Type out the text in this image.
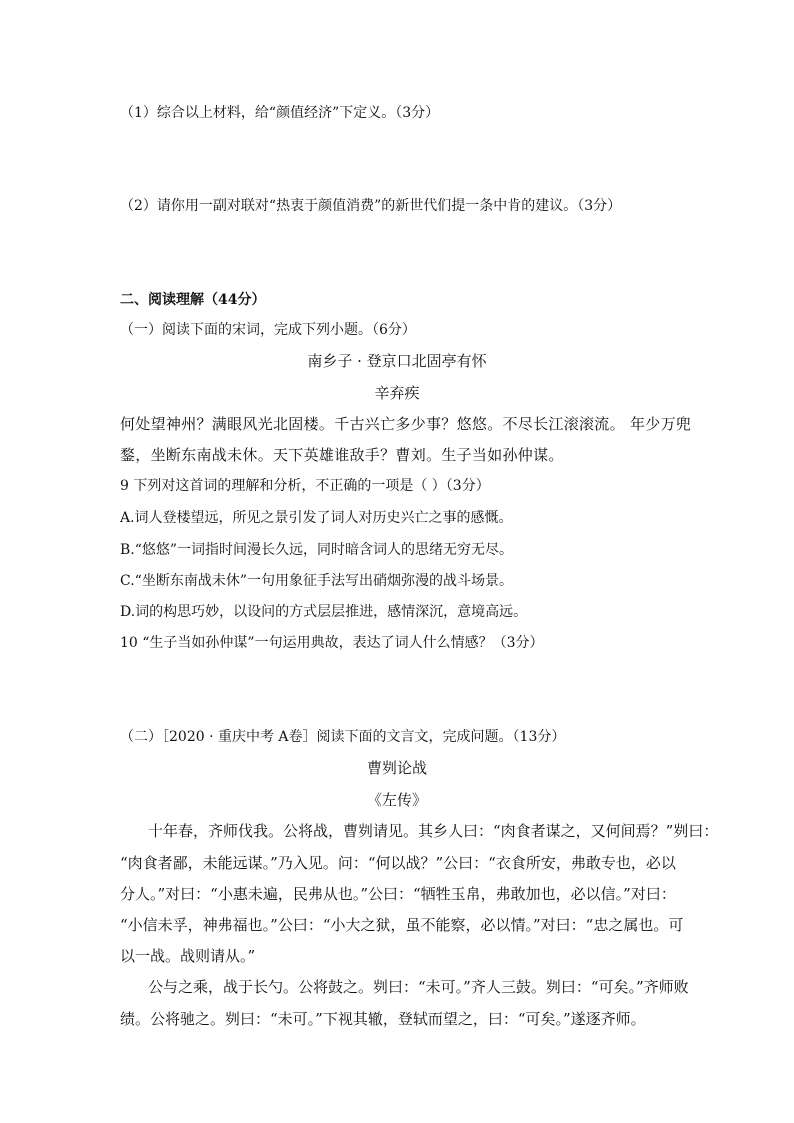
（1）综合以上材料，给“颜值经济”下定义。（3分）
（2）请你用一副对联对“热衷于颜值消费”的新世代们提一条中肯的建议。（3分）
二、阅读理解（44分）
（一）阅读下面的宋词，完成下列小题。（6分）
南乡子 · 登京口北固亭有怀
辛弃疾
何处望神州？满眼风光北固楼。千古兴亡多少事？悠悠。不尽长江滚滚流。 年少万兜
鍪，坐断东南战未休。天下英雄谁敌手？曹刘。生子当如孙仲谋。
9 下列对这首词的理解和分析，不正确的一项是（ ）（3分）
A.词人登楼望远，所见之景引发了词人对历史兴亡之事的感慨。
B.“悠悠”一词指时间漫长久远，同时暗含词人的思绪无穷无尽。
C.“坐断东南战未休”一句用象征手法写出硝烟弥漫的战斗场景。
D.词的构思巧妙，以设问的方式层层推进，感情深沉，意境高远。
10 “生子当如孙仲谋”一句运用典故，表达了词人什么情感？（3分）
（二）［2020 · 重庆中考 A卷］阅读下面的文言文，完成问题。（13分）
曹刿论战
《左传》
十年春，齐师伐我。公将战，曹刿请见。其乡人曰：“肉食者谋之，又何间焉？”刿曰：
“肉食者鄙，未能远谋。”乃入见。问：“何以战？”公曰：“衣食所安，弗敢专也，必以
分人。”对曰：“小惠未遍，民弗从也。”公曰：“牺牲玉帛，弗敢加也，必以信。”对曰：
“小信未孚，神弗福也。”公曰：“小大之狱，虽不能察，必以情。”对曰：“忠之属也。可
以一战。战则请从。”
公与之乘，战于长勺。公将鼓之。刿曰：“未可。”齐人三鼓。刿曰：“可矣。”齐师败
绩。公将驰之。刿曰：“未可。”下视其辙，登轼而望之，曰：“可矣。”遂逐齐师。
